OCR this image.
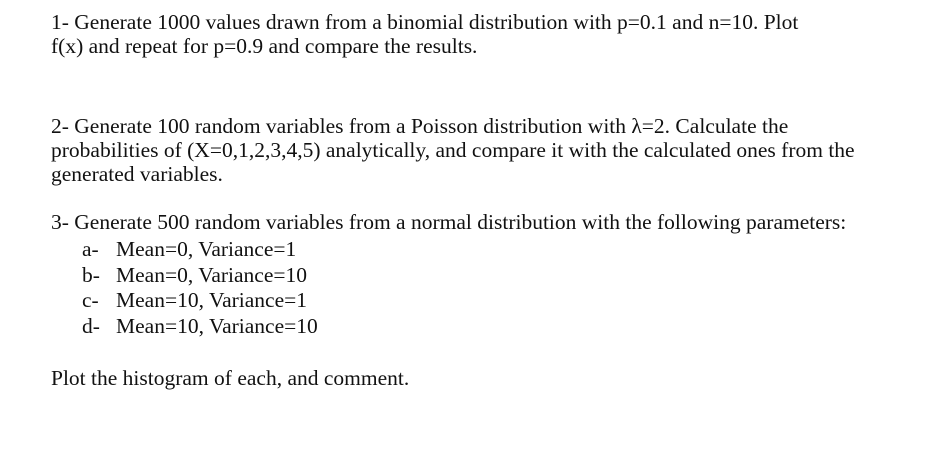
1- Generate 1000 values drawn from a binomial distribution with p=0.1 and n=10. Plot
f(x) and repeat for p=0.9 and compare the results.
2- Generate 100 random variables from a Poisson distribution with λ=2. Calculate the
probabilities of (X=0,1,2,3,4,5) analytically, and compare it with the calculated ones from the
generated variables.
3- Generate 500 random variables from a normal distribution with the following parameters:
a- Mean=0, Variance=1
b- Mean=0, Variance=10
c- Mean=10, Variance=1
d- Mean=10, Variance=10
Plot the histogram of each, and comment.
